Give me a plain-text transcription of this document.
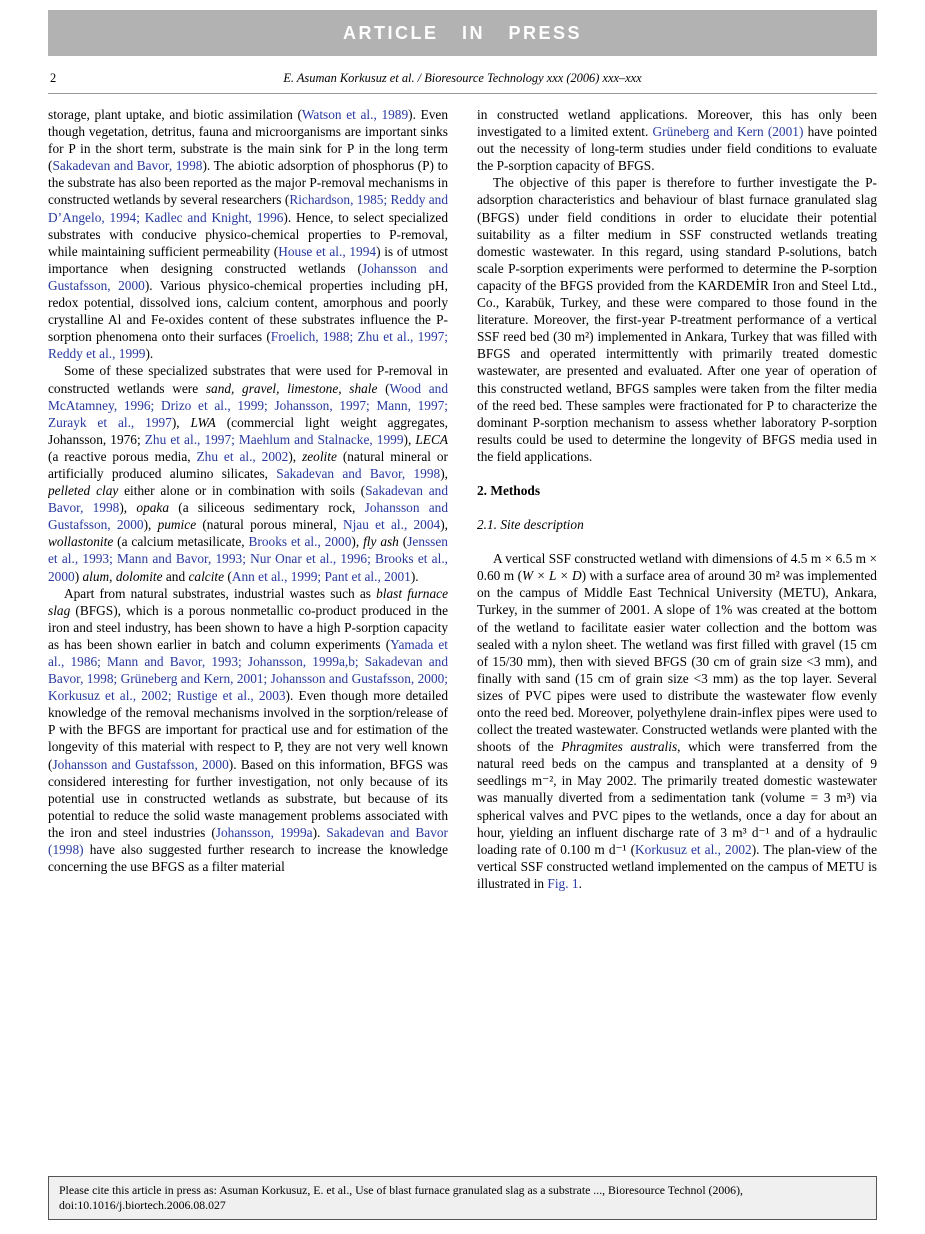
ARTICLE IN PRESS
2	E. Asuman Korkusuz et al. / Bioresource Technology xxx (2006) xxx–xxx

storage, plant uptake, and biotic assimilation (Watson et al., 1989). Even though vegetation, detritus, fauna and microorganisms are important sinks for P in the short term, substrate is the main sink for P in the long term (Sakadevan and Bavor, 1998). The abiotic adsorption of phosphorus (P) to the substrate has also been reported as the major P-removal mechanisms in constructed wetlands by several researchers (Richardson, 1985; Reddy and D’Angelo, 1994; Kadlec and Knight, 1996). Hence, to select specialized substrates with conducive physico-chemical properties to P-removal, while maintaining sufficient permeability (House et al., 1994) is of utmost importance when designing constructed wetlands (Johansson and Gustafsson, 2000). Various physico-chemical properties including pH, redox potential, dissolved ions, calcium content, amorphous and poorly crystalline Al and Fe-oxides content of these substrates influence the P-sorption phenomena onto their surfaces (Froelich, 1988; Zhu et al., 1997; Reddy et al., 1999).

Some of these specialized substrates that were used for P-removal in constructed wetlands were sand, gravel, limestone, shale (Wood and McAtamney, 1996; Drizo et al., 1999; Johansson, 1997; Mann, 1997; Zurayk et al., 1997), LWA (commercial light weight aggregates, Johansson, 1976; Zhu et al., 1997; Maehlum and Stalnacke, 1999), LECA (a reactive porous media, Zhu et al., 2002), zeolite (natural mineral or artificially produced alumino silicates, Sakadevan and Bavor, 1998), pelleted clay either alone or in combination with soils (Sakadevan and Bavor, 1998), opaka (a siliceous sedimentary rock, Johansson and Gustafsson, 2000), pumice (natural porous mineral, Njau et al., 2004), wollastonite (a calcium metasilicate, Brooks et al., 2000), fly ash (Jenssen et al., 1993; Mann and Bavor, 1993; Nur Onar et al., 1996; Brooks et al., 2000) alum, dolomite and calcite (Ann et al., 1999; Pant et al., 2001).

Apart from natural substrates, industrial wastes such as blast furnace slag (BFGS), which is a porous nonmetallic co-product produced in the iron and steel industry, has been shown to have a high P-sorption capacity as has been shown earlier in batch and column experiments (Yamada et al., 1986; Mann and Bavor, 1993; Johansson, 1999a,b; Sakadevan and Bavor, 1998; Grüneberg and Kern, 2001; Johansson and Gustafsson, 2000; Korkusuz et al., 2002; Rustige et al., 2003). Even though more detailed knowledge of the removal mechanisms involved in the sorption/release of P with the BFGS are important for practical use and for estimation of the longevity of this material with respect to P, they are not very well known (Johansson and Gustafsson, 2000). Based on this information, BFGS was considered interesting for further investigation, not only because of its potential use in constructed wetlands as substrate, but because of its potential to reduce the solid waste management problems associated with the iron and steel industries (Johansson, 1999a). Sakadevan and Bavor (1998) have also suggested further research to increase the knowledge concerning the use BFGS as a filter material

in constructed wetland applications. Moreover, this has only been investigated to a limited extent. Grüneberg and Kern (2001) have pointed out the necessity of long-term studies under field conditions to evaluate the P-sorption capacity of BFGS.

The objective of this paper is therefore to further investigate the P-adsorption characteristics and behaviour of blast furnace granulated slag (BFGS) under field conditions in order to elucidate their potential suitability as a filter medium in SSF constructed wetlands treating domestic wastewater. In this regard, using standard P-solutions, batch scale P-sorption experiments were performed to determine the P-sorption capacity of the BFGS provided from the KARDEMİR Iron and Steel Ltd., Co., Karabük, Turkey, and these were compared to those found in the literature. Moreover, the first-year P-treatment performance of a vertical SSF reed bed (30 m²) implemented in Ankara, Turkey that was filled with BFGS and operated intermittently with primarily treated domestic wastewater, are presented and evaluated. After one year of operation of this constructed wetland, BFGS samples were taken from the filter media of the reed bed. These samples were fractionated for P to characterize the dominant P-sorption mechanism to assess whether laboratory P-sorption results could be used to determine the longevity of BFGS media used in the field applications.

2. Methods
2.1. Site description

A vertical SSF constructed wetland with dimensions of 4.5 m × 6.5 m × 0.60 m (W × L × D) with a surface area of around 30 m² was implemented on the campus of Middle East Technical University (METU), Ankara, Turkey, in the summer of 2001. A slope of 1% was created at the bottom of the wetland to facilitate easier water collection and the bottom was sealed with a nylon sheet. The wetland was first filled with gravel (15 cm of 15/30 mm), then with sieved BFGS (30 cm of grain size <3 mm), and finally with sand (15 cm of grain size <3 mm) as the top layer. Several sizes of PVC pipes were used to distribute the wastewater flow evenly onto the reed bed. Moreover, polyethylene drain-inflex pipes were used to collect the treated wastewater. Constructed wetlands were planted with the shoots of the Phragmites australis, which were transferred from the natural reed beds on the campus and transplanted at a density of 9 seedlings m⁻², in May 2002. The primarily treated domestic wastewater was manually diverted from a sedimentation tank (volume = 3 m³) via spherical valves and PVC pipes to the wetlands, once a day for about an hour, yielding an influent discharge rate of 3 m³ d⁻¹ and of a hydraulic loading rate of 0.100 m d⁻¹ (Korkusuz et al., 2002). The plan-view of the vertical SSF constructed wetland implemented on the campus of METU is illustrated in Fig. 1.

Please cite this article in press as: Asuman Korkusuz, E. et al., Use of blast furnace granulated slag as a substrate ..., Bioresource Technol (2006), doi:10.1016/j.biortech.2006.08.027
